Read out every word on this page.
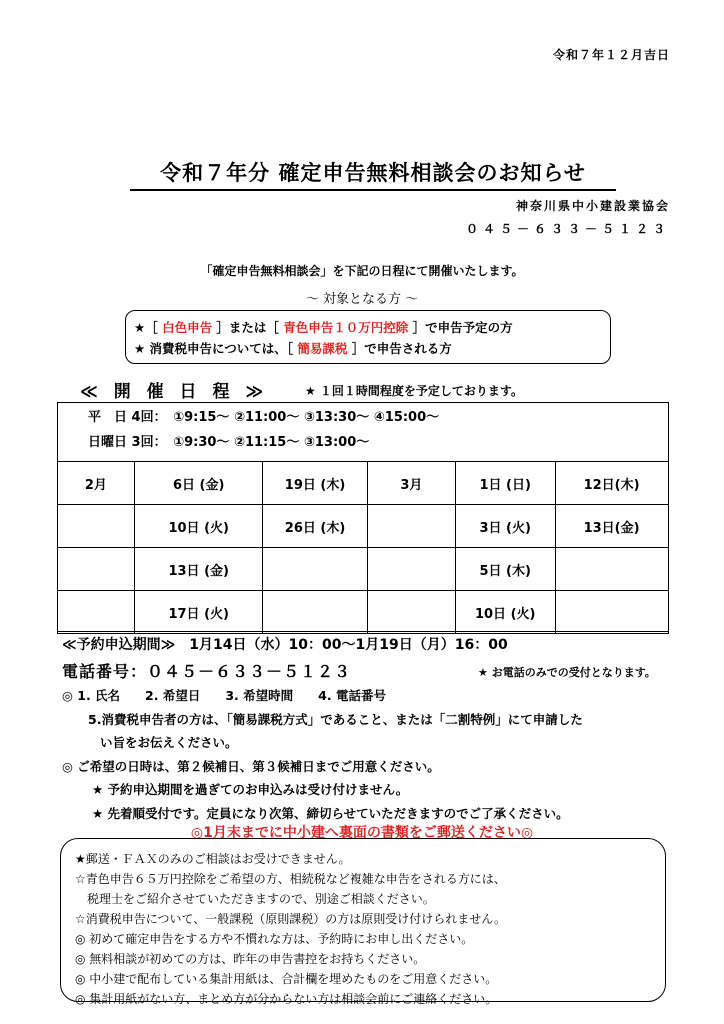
令和７年１２月吉日
令和７年分 確定申告無料相談会のお知らせ
神奈川県中小建設業協会
０４５－６３３－５１２３
「確定申告無料相談会」を下記の日程にて開催いたします。
～ 対象となる方 ～
★［ 白色申告 ］または［ 青色申告１０万円控除 ］で申告予定の方
★ 消費税申告については、［ 簡易課税 ］で申告される方
≪ 開 催 日 程 ≫	★ １回１時間程度を予定しております。
平　日 4回：　①9:15～ ②11:00～ ③13:30～ ④15:00～
日曜日 3回：　①9:30～ ②11:15～ ③13:00～
2月	6日 (金)	19日 (木)	3月	1日 (日)	12日(木)
	10日 (火)	26日 (木)		3日 (火)	13日(金)
	13日 (金)			5日 (木)	
	17日 (火)			10日 (火)	
≪予約申込期間≫　1月14日（水）10：00～1月19日（月）16：00
電話番号：０４５－６３３－５１２３	★ お電話のみでの受付となります。
◎ 1. 氏名　　2. 希望日　　3. 希望時間　　4. 電話番号
5.消費税申告者の方は、「簡易課税方式」であること、または「二割特例」にて申請した
い旨をお伝えください。
◎ ご希望の日時は、第２候補日、第３候補日までご用意ください。
★ 予約申込期間を過ぎてのお申込みは受け付けません。
★ 先着順受付です。定員になり次第、締切らせていただきますのでご了承ください。
◎1月末までに中小建へ裏面の書類をご郵送ください◎
★郵送・ＦＡＸのみのご相談はお受けできません。
☆青色申告６５万円控除をご希望の方、相続税など複雑な申告をされる方には、
　税理士をご紹介させていただきますので、別途ご相談ください。
☆消費税申告について、一般課税（原則課税）の方は原則受け付けられません。
◎ 初めて確定申告をする方や不慣れな方は、予約時にお申し出ください。
◎ 無料相談が初めての方は、昨年の申告書控をお持ちください。
◎ 中小建で配布している集計用紙は、合計欄を埋めたものをご用意ください。
◎ 集計用紙がない方、まとめ方が分からない方は相談会前にご連絡ください。
